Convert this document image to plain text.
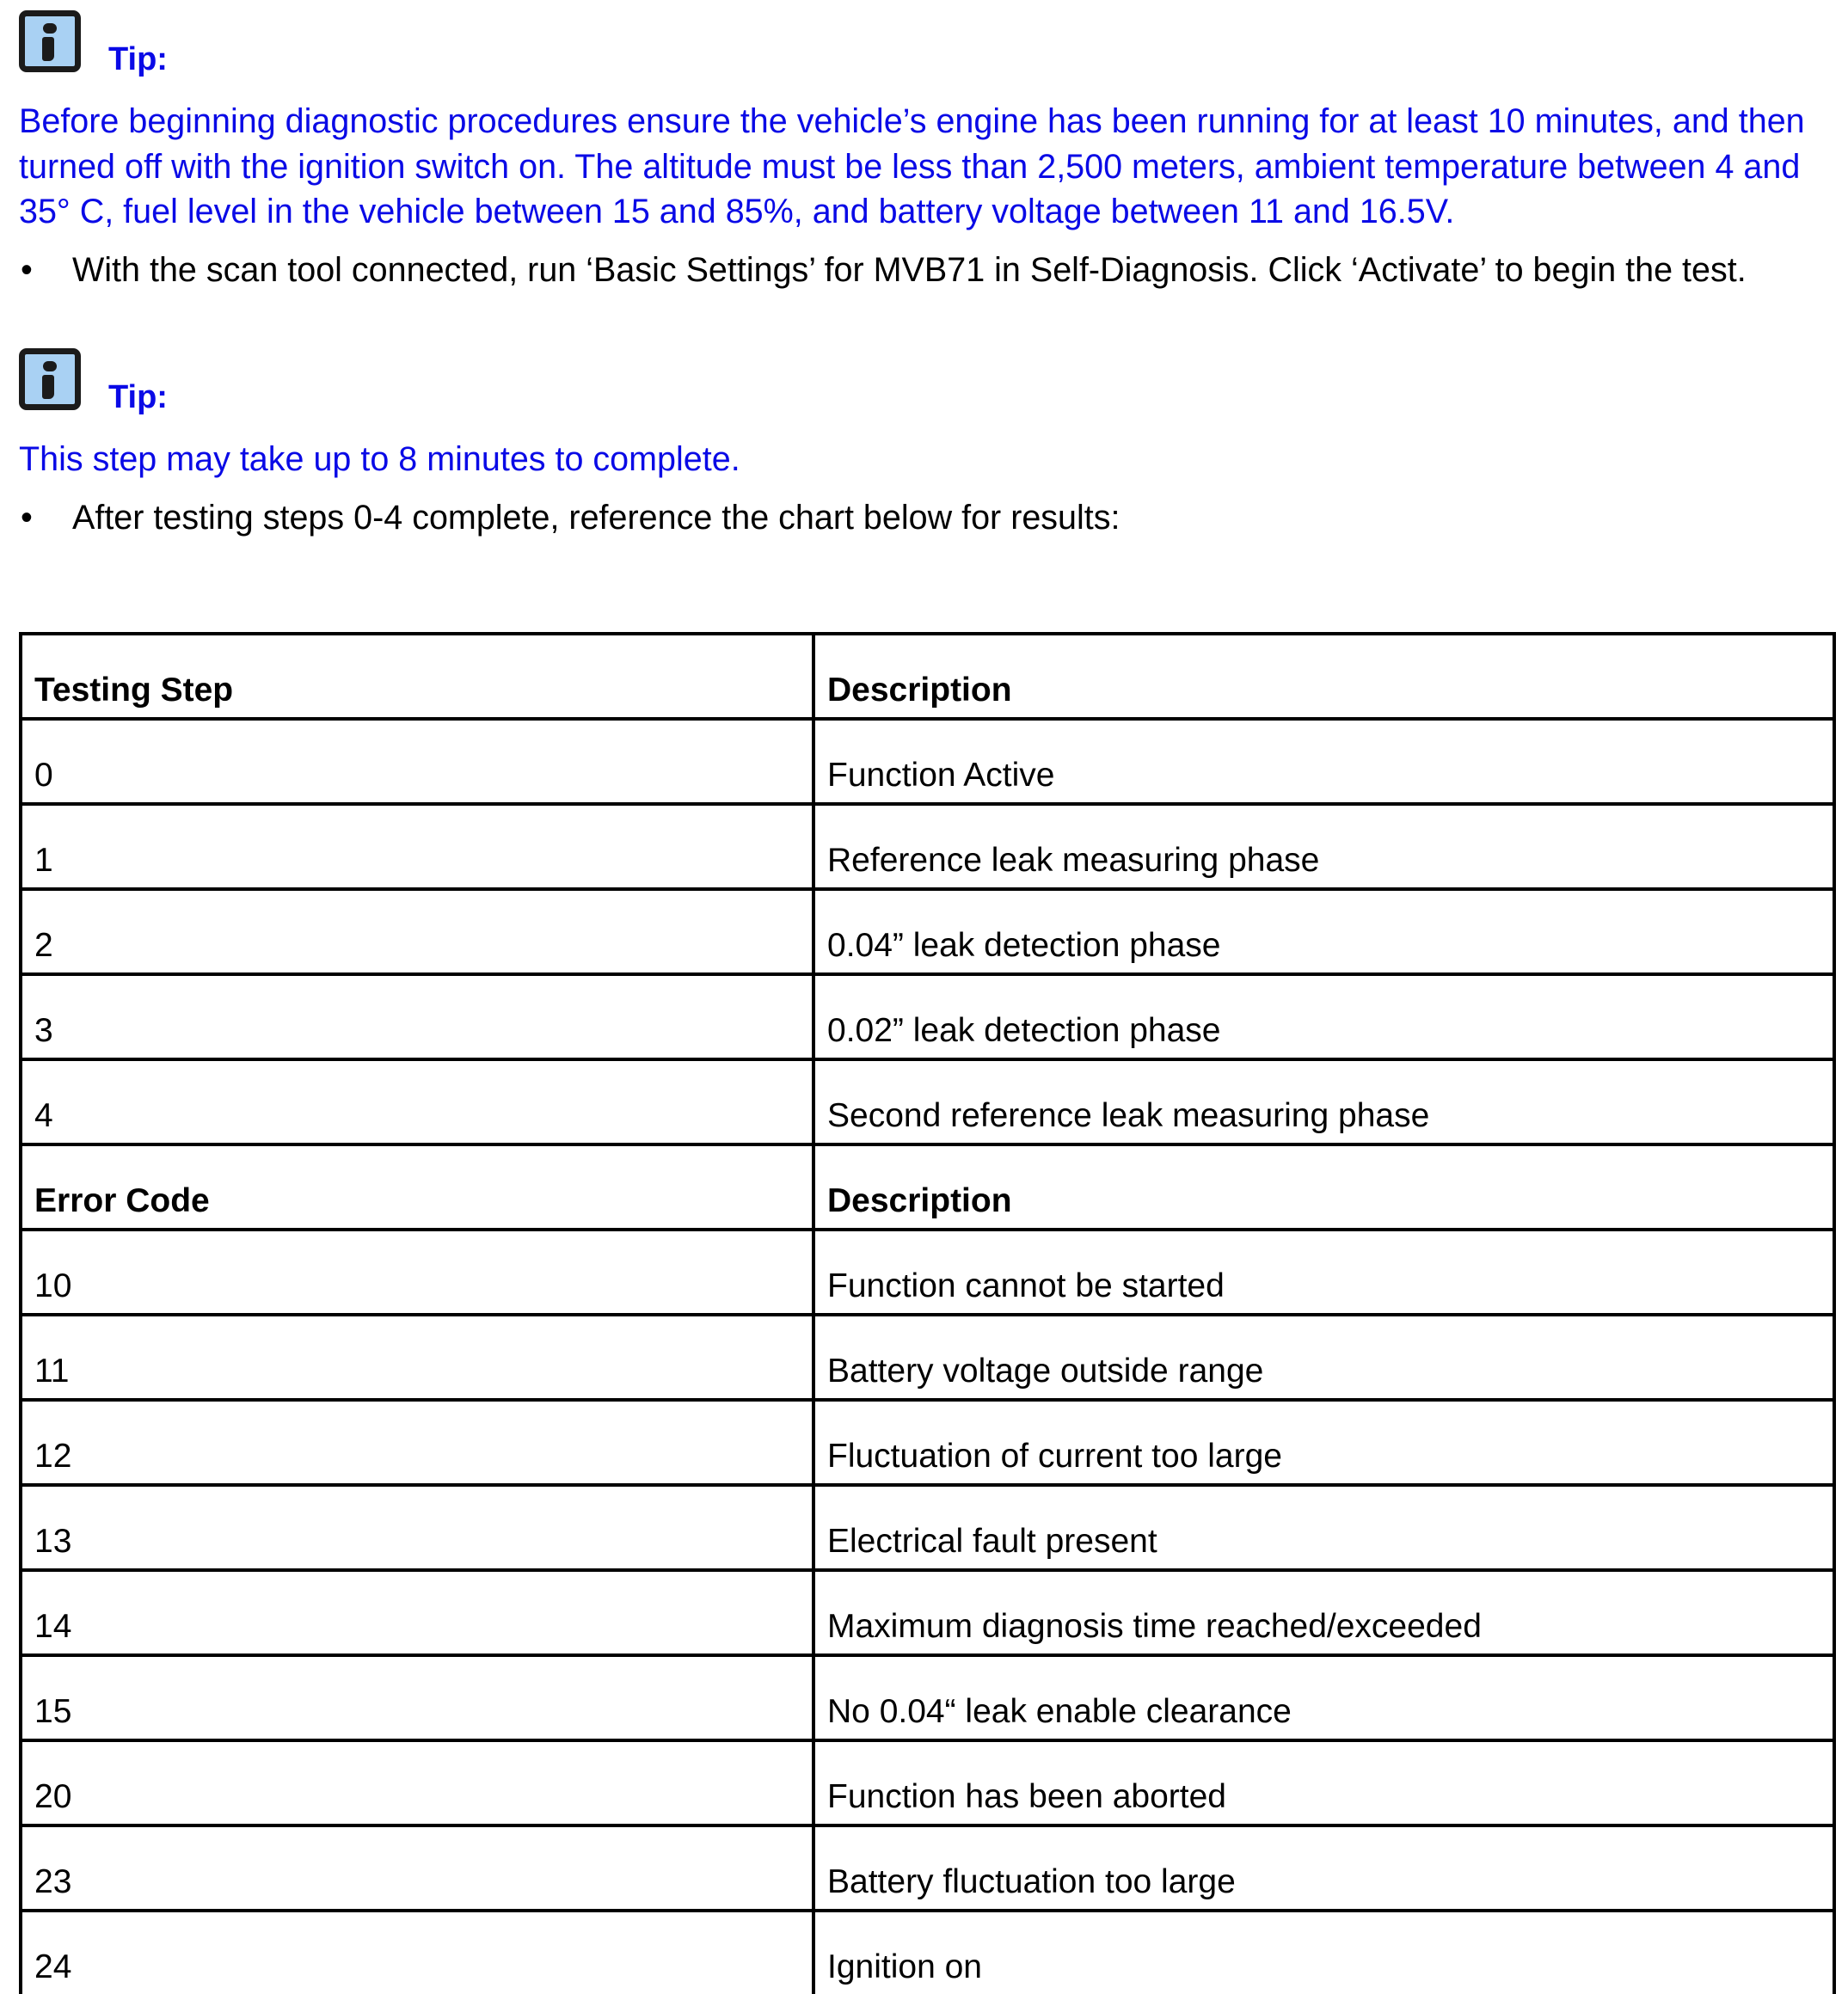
Tip:
Before beginning diagnostic procedures ensure the vehicle’s engine has been running for at least 10 minutes, and then turned off with the ignition switch on. The altitude must be less than 2,500 meters, ambient temperature between 4 and 35° C, fuel level in the vehicle between 15 and 85%, and battery voltage between 11 and 16.5V.
•	With the scan tool connected, run ‘Basic Settings’ for MVB71 in Self-Diagnosis. Click ‘Activate’ to begin the test.
Tip:
This step may take up to 8 minutes to complete.
•	After testing steps 0-4 complete, reference the chart below for results:
Testing Step	Description
0	Function Active
1	Reference leak measuring phase
2	0.04” leak detection phase
3	0.02” leak detection phase
4	Second reference leak measuring phase
Error Code	Description
10	Function cannot be started
11	Battery voltage outside range
12	Fluctuation of current too large
13	Electrical fault present
14	Maximum diagnosis time reached/exceeded
15	No 0.04“ leak enable clearance
20	Function has been aborted
23	Battery fluctuation too large
24	Ignition on
